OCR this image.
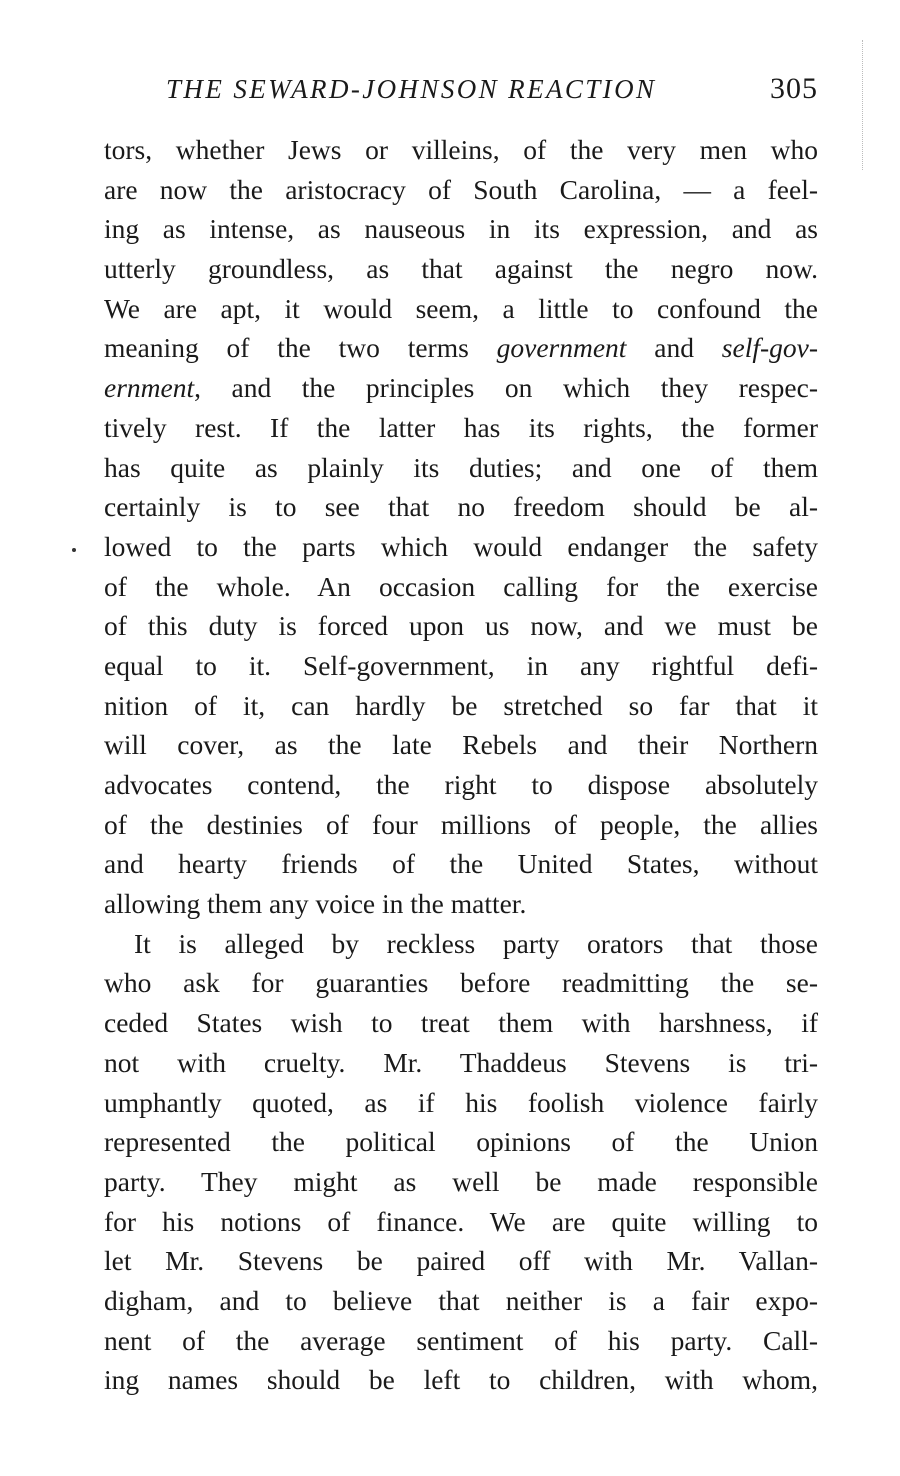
THE SEWARD-JOHNSON REACTION	305
tors, whether Jews or villeins, of the very men who
are now the aristocracy of South Carolina, — a feel-
ing as intense, as nauseous in its expression, and as
utterly groundless, as that against the negro now.
We are apt, it would seem, a little to confound the
meaning of the two terms government and self-gov-
ernment, and the principles on which they respec-
tively rest. If the latter has its rights, the former
has quite as plainly its duties; and one of them
certainly is to see that no freedom should be al-
lowed to the parts which would endanger the safety
of the whole. An occasion calling for the exercise
of this duty is forced upon us now, and we must be
equal to it. Self-government, in any rightful defi-
nition of it, can hardly be stretched so far that it
will cover, as the late Rebels and their Northern
advocates contend, the right to dispose absolutely
of the destinies of four millions of people, the allies
and hearty friends of the United States, without
allowing them any voice in the matter.
It is alleged by reckless party orators that those
who ask for guaranties before readmitting the se-
ceded States wish to treat them with harshness, if
not with cruelty. Mr. Thaddeus Stevens is tri-
umphantly quoted, as if his foolish violence fairly
represented the political opinions of the Union
party. They might as well be made responsible
for his notions of finance. We are quite willing to
let Mr. Stevens be paired off with Mr. Vallan-
digham, and to believe that neither is a fair expo-
nent of the average sentiment of his party. Call-
ing names should be left to children, with whom,
